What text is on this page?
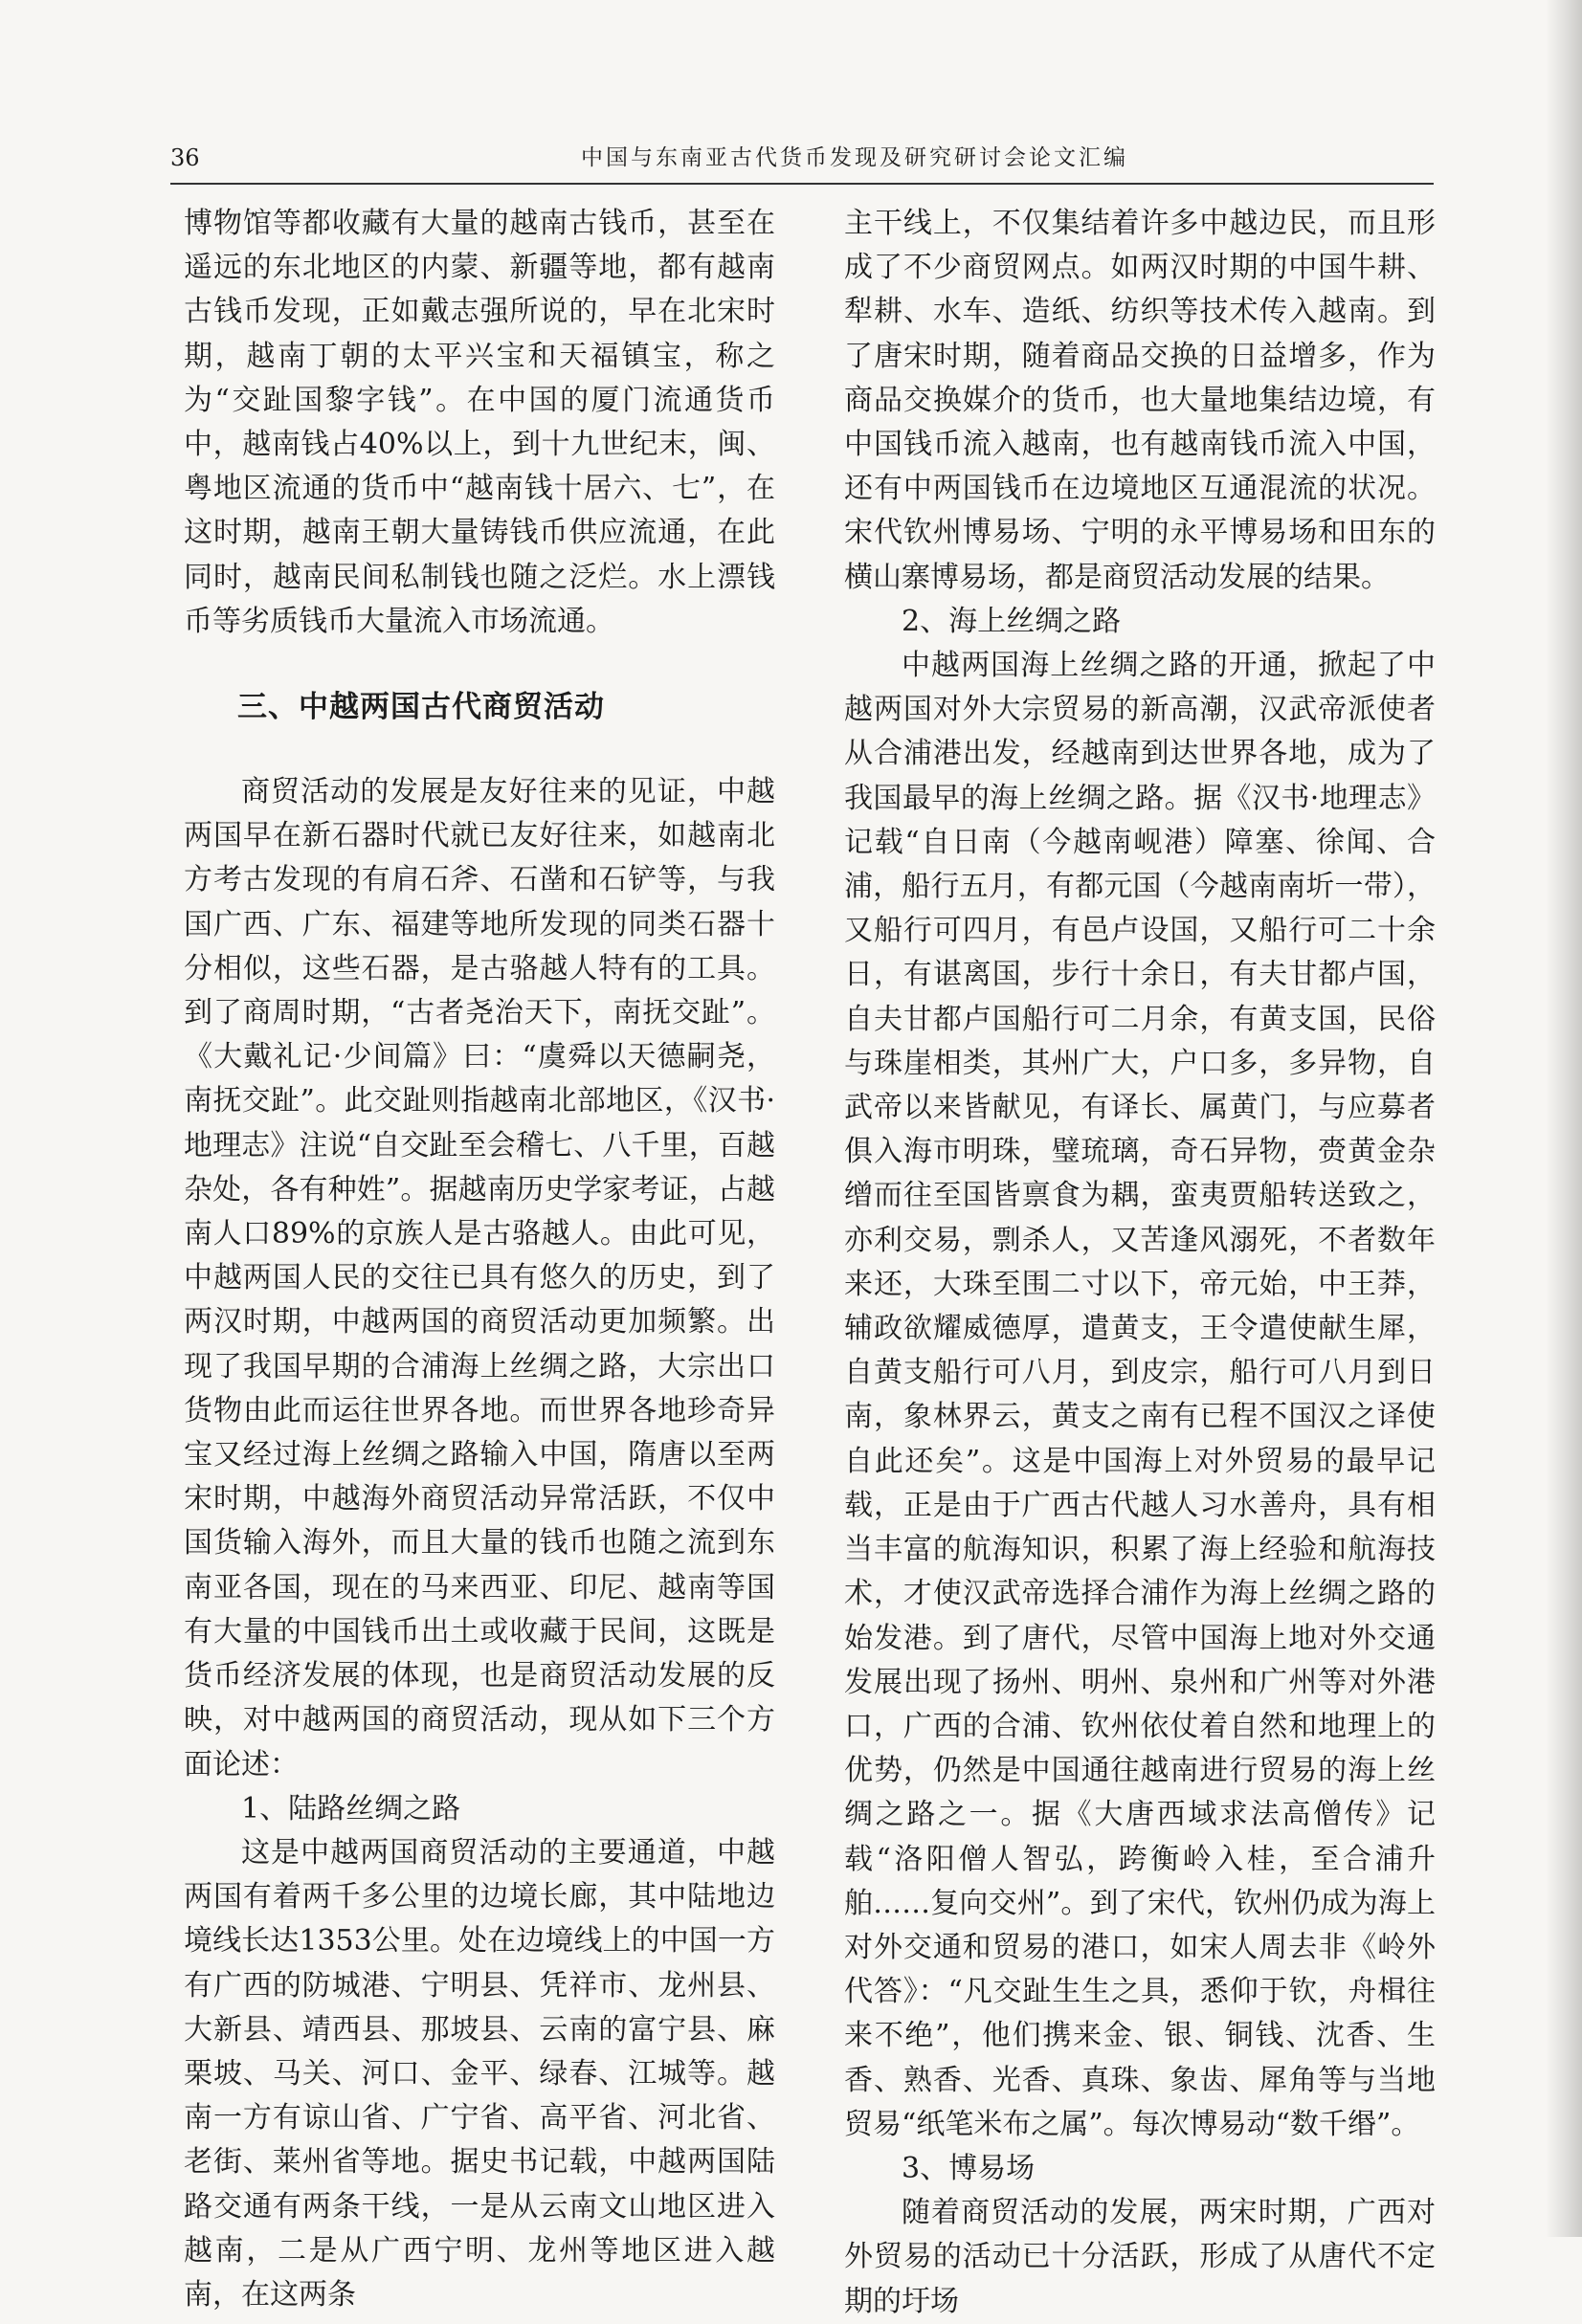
36	中国与东南亚古代货币发现及研究研讨会论文汇编

博物馆等都收藏有大量的越南古钱币，甚至在遥远的东北地区的内蒙、新疆等地，都有越南古钱币发现，正如戴志强所说的，早在北宋时期，越南丁朝的太平兴宝和天福镇宝，称之为“交趾国黎字钱”。在中国的厦门流通货币中，越南钱占40%以上，到十九世纪末，闽、粤地区流通的货币中“越南钱十居六、七”，在这时期，越南王朝大量铸钱币供应流通，在此同时，越南民间私制钱也随之泛烂。水上漂钱币等劣质钱币大量流入市场流通。

三、中越两国古代商贸活动

商贸活动的发展是友好往来的见证，中越两国早在新石器时代就已友好往来，如越南北方考古发现的有肩石斧、石凿和石铲等，与我国广西、广东、福建等地所发现的同类石器十分相似，这些石器，是古骆越人特有的工具。到了商周时期，“古者尧治天下，南抚交趾”。《大戴礼记·少间篇》曰：“虞舜以天德嗣尧，南抚交趾”。此交趾则指越南北部地区，《汉书·地理志》注说“自交趾至会稽七、八千里，百越杂处，各有种姓”。据越南历史学家考证，占越南人口89%的京族人是古骆越人。由此可见，中越两国人民的交往已具有悠久的历史，到了两汉时期，中越两国的商贸活动更加频繁。出现了我国早期的合浦海上丝绸之路，大宗出口货物由此而运往世界各地。而世界各地珍奇异宝又经过海上丝绸之路输入中国，隋唐以至两宋时期，中越海外商贸活动异常活跃，不仅中国货输入海外，而且大量的钱币也随之流到东南亚各国，现在的马来西亚、印尼、越南等国有大量的中国钱币出土或收藏于民间，这既是货币经济发展的体现，也是商贸活动发展的反映，对中越两国的商贸活动，现从如下三个方面论述：

1、陆路丝绸之路

这是中越两国商贸活动的主要通道，中越两国有着两千多公里的边境长廊，其中陆地边境线长达1353公里。处在边境线上的中国一方有广西的防城港、宁明县、凭祥市、龙州县、大新县、靖西县、那坡县、云南的富宁县、麻栗坡、马关、河口、金平、绿春、江城等。越南一方有谅山省、广宁省、高平省、河北省、老街、莱州省等地。据史书记载，中越两国陆路交通有两条干线，一是从云南文山地区进入越南，二是从广西宁明、龙州等地区进入越南，在这两条

主干线上，不仅集结着许多中越边民，而且形成了不少商贸网点。如两汉时期的中国牛耕、犁耕、水车、造纸、纺织等技术传入越南。到了唐宋时期，随着商品交换的日益增多，作为商品交换媒介的货币，也大量地集结边境，有中国钱币流入越南，也有越南钱币流入中国，还有中两国钱币在边境地区互通混流的状况。宋代钦州博易场、宁明的永平博易场和田东的横山寨博易场，都是商贸活动发展的结果。

2、海上丝绸之路

中越两国海上丝绸之路的开通，掀起了中越两国对外大宗贸易的新高潮，汉武帝派使者从合浦港出发，经越南到达世界各地，成为了我国最早的海上丝绸之路。据《汉书·地理志》记载“自日南（今越南岘港）障塞、徐闻、合浦，船行五月，有都元国（今越南南圻一带），又船行可四月，有邑卢设国，又船行可二十余日，有谌离国，步行十余日，有夫甘都卢国，自夫甘都卢国船行可二月余，有黄支国，民俗与珠崖相类，其州广大，户口多，多异物，自武帝以来皆献见，有译长、属黄门，与应募者俱入海市明珠，璧琉璃，奇石异物，赍黄金杂缯而往至国皆禀食为耦，蛮夷贾船转送致之，亦利交易，剽杀人，又苦逢风溺死，不者数年来还，大珠至围二寸以下，帝元始，中王莽，辅政欲耀威德厚，遣黄支，王令遣使献生犀，自黄支船行可八月，到皮宗，船行可八月到日南，象林界云，黄支之南有已程不国汉之译使自此还矣”。这是中国海上对外贸易的最早记载，正是由于广西古代越人习水善舟，具有相当丰富的航海知识，积累了海上经验和航海技术，才使汉武帝选择合浦作为海上丝绸之路的始发港。到了唐代，尽管中国海上地对外交通发展出现了扬州、明州、泉州和广州等对外港口，广西的合浦、钦州依仗着自然和地理上的优势，仍然是中国通往越南进行贸易的海上丝绸之路之一。据《大唐西域求法高僧传》记载“洛阳僧人智弘，跨衡岭入桂，至合浦升舶……复向交州”。到了宋代，钦州仍成为海上对外交通和贸易的港口，如宋人周去非《岭外代答》：“凡交趾生生之具，悉仰于钦，舟楫往来不绝”，他们携来金、银、铜钱、沈香、生香、熟香、光香、真珠、象齿、犀角等与当地贸易“纸笔米布之属”。每次博易动“数千缗”。

3、博易场

随着商贸活动的发展，两宋时期，广西对外贸易的活动已十分活跃，形成了从唐代不定期的圩场
